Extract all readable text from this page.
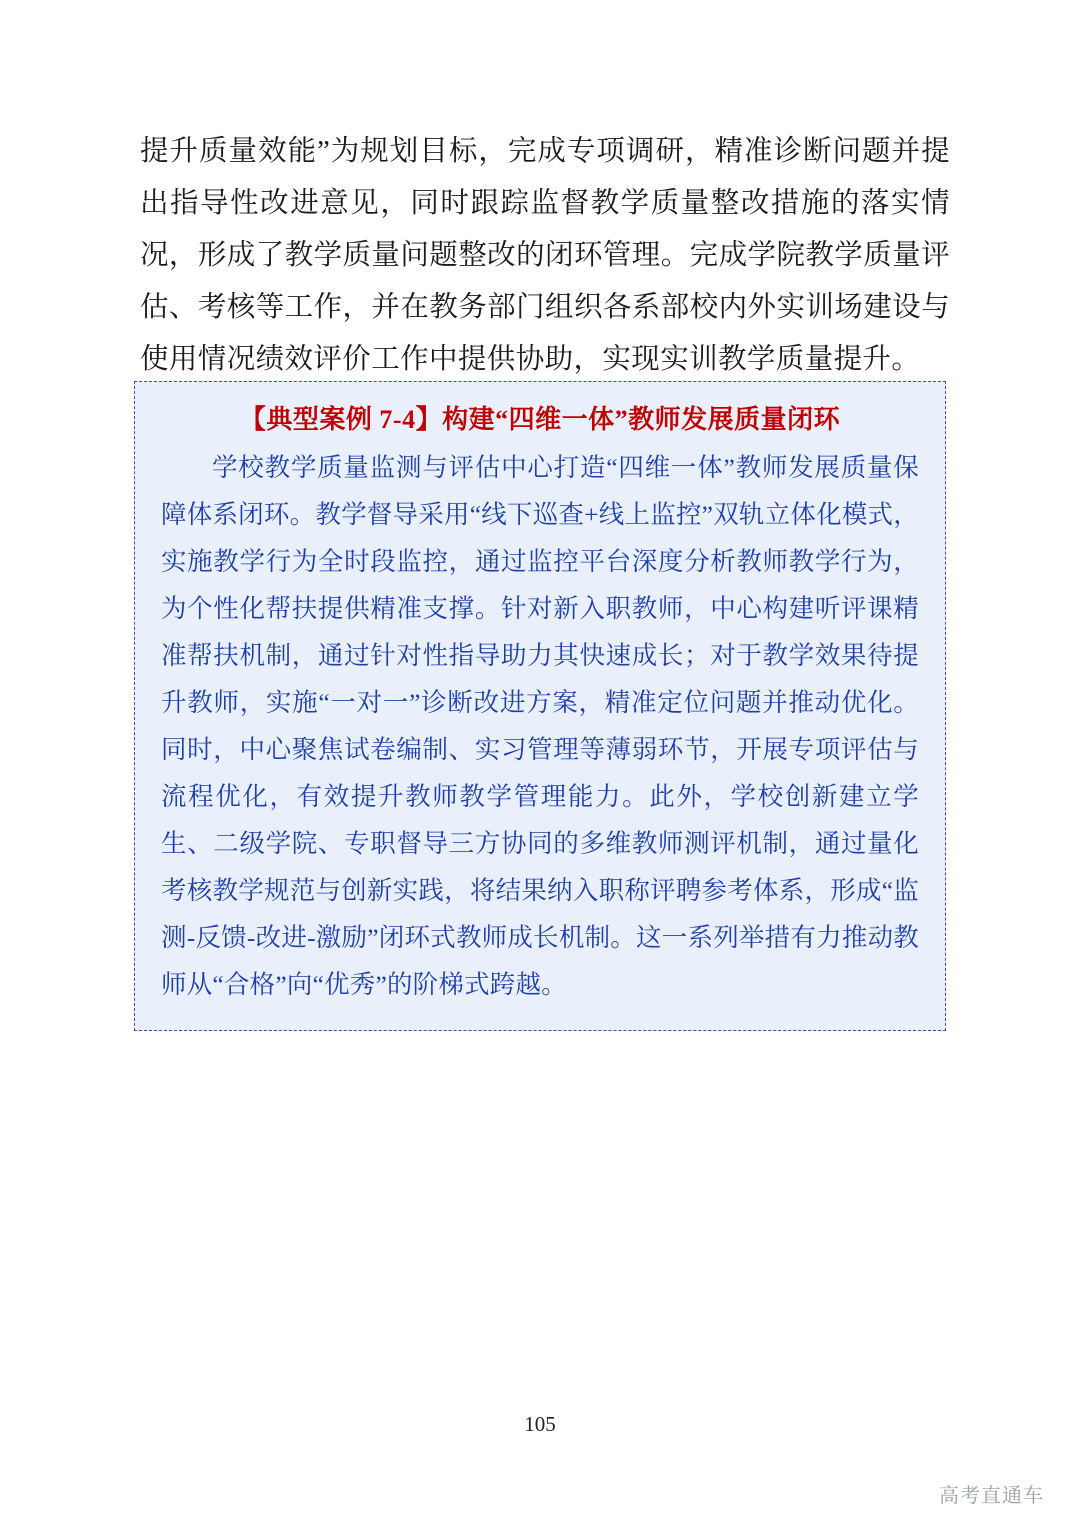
提升质量效能”为规划目标，完成专项调研，精准诊断问题并提出指导性改进意见，同时跟踪监督教学质量整改措施的落实情况，形成了教学质量问题整改的闭环管理。完成学院教学质量评估、考核等工作，并在教务部门组织各系部校内外实训场建设与使用情况绩效评价工作中提供协助，实现实训教学质量提升。

【典型案例 7-4】构建“四维一体”教师发展质量闭环

学校教学质量监测与评估中心打造“四维一体”教师发展质量保障体系闭环。教学督导采用“线下巡查+线上监控”双轨立体化模式，实施教学行为全时段监控，通过监控平台深度分析教师教学行为，为个性化帮扶提供精准支撑。针对新入职教师，中心构建听评课精准帮扶机制，通过针对性指导助力其快速成长；对于教学效果待提升教师，实施“一对一”诊断改进方案，精准定位问题并推动优化。同时，中心聚焦试卷编制、实习管理等薄弱环节，开展专项评估与流程优化，有效提升教师教学管理能力。此外，学校创新建立学生、二级学院、专职督导三方协同的多维教师测评机制，通过量化考核教学规范与创新实践，将结果纳入职称评聘参考体系，形成“监测-反馈-改进-激励”闭环式教师成长机制。这一系列举措有力推动教师从“合格”向“优秀”的阶梯式跨越。

105
高考直通车
